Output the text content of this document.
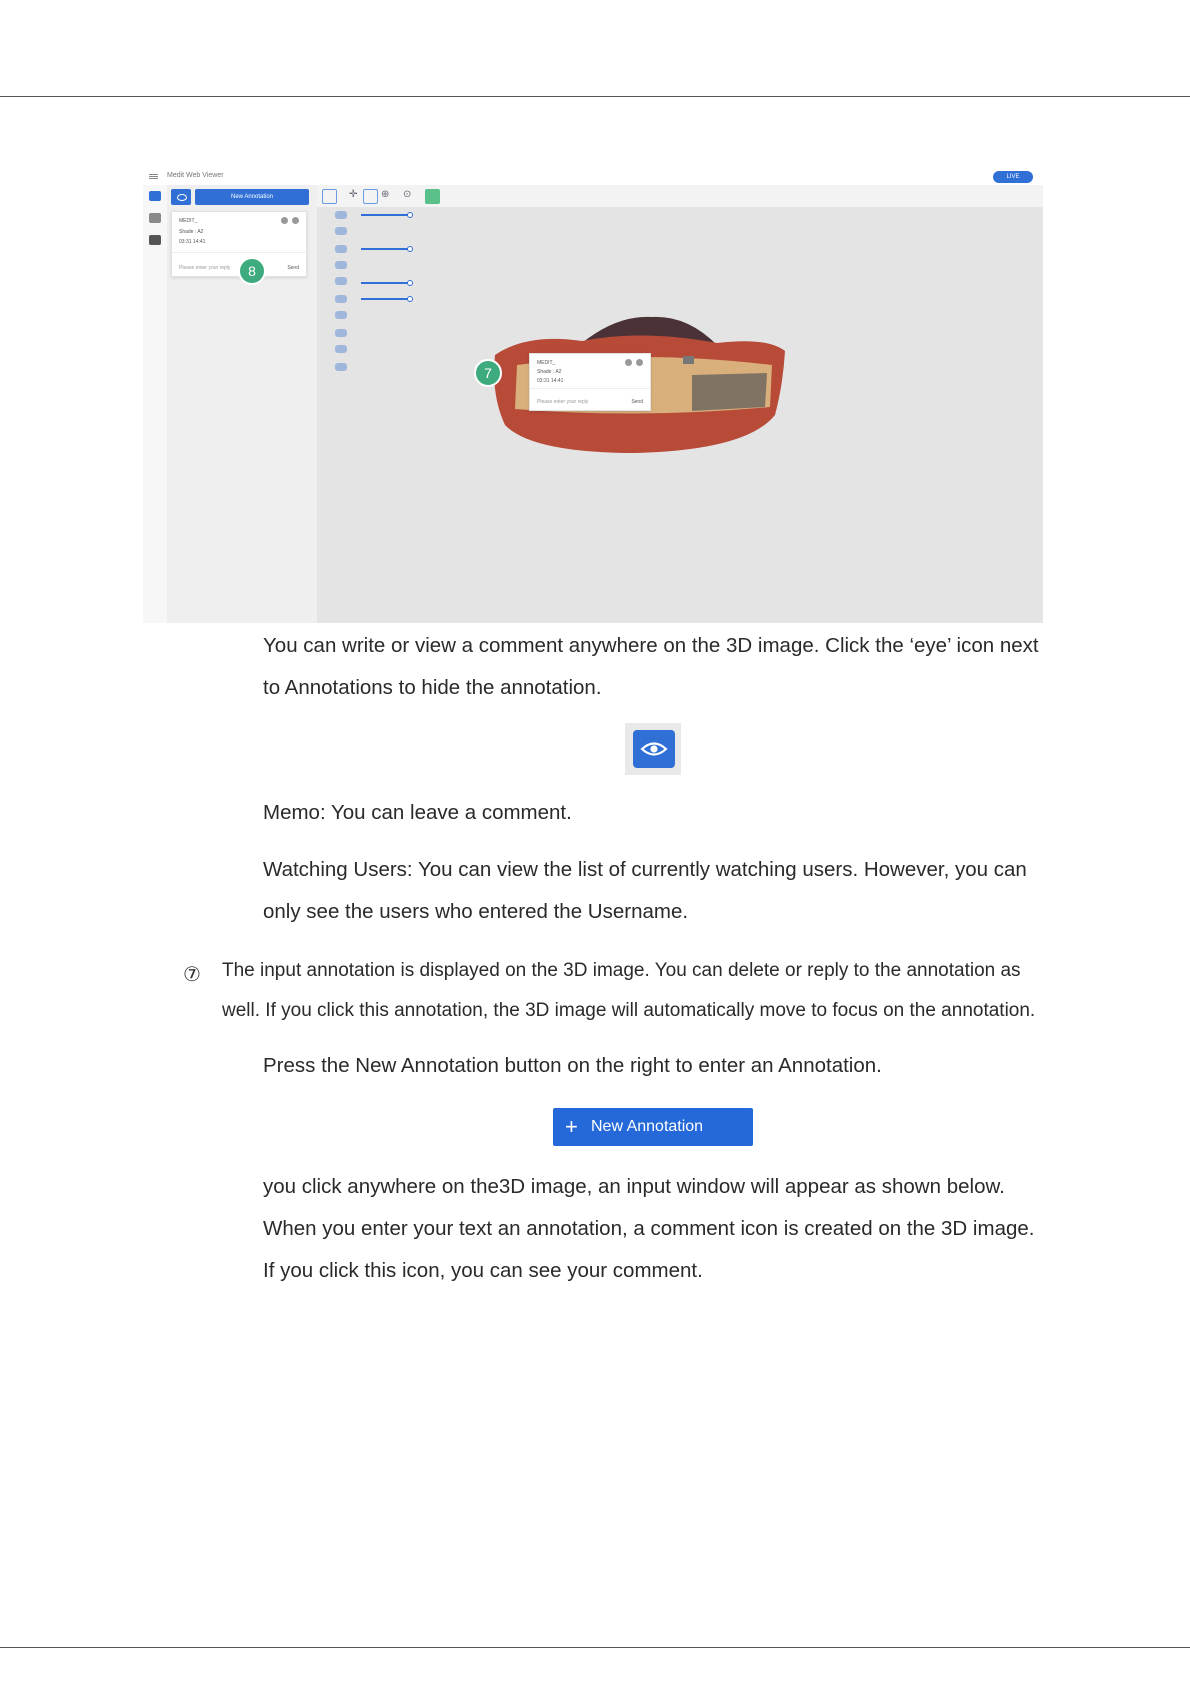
Medit Web Viewer	LIVE
New Annotation
MEDIT_
Shade : A2
03:31 14:41
Please enter your reply	Send
8
✛ ⊕ ⊙
MEDIT_
Shade : A2
03:31 14:41
Please enter your reply	Send
7
You can write or view a comment anywhere on the 3D image. Click the ‘eye’ icon next
to Annotations to hide the annotation.
Memo: You can leave a comment.
Watching Users: You can view the list of currently watching users. However, you can
only see the users who entered the Username.
⑦ The input annotation is displayed on the 3D image. You can delete or reply to the annotation as
well. If you click this annotation, the 3D image will automatically move to focus on the annotation.
Press the New Annotation button on the right to enter an Annotation.
+ New Annotation
you click anywhere on the3D image, an input window will appear as shown below.
When you enter your text an annotation, a comment icon is created on the 3D image.
If you click this icon, you can see your comment.
